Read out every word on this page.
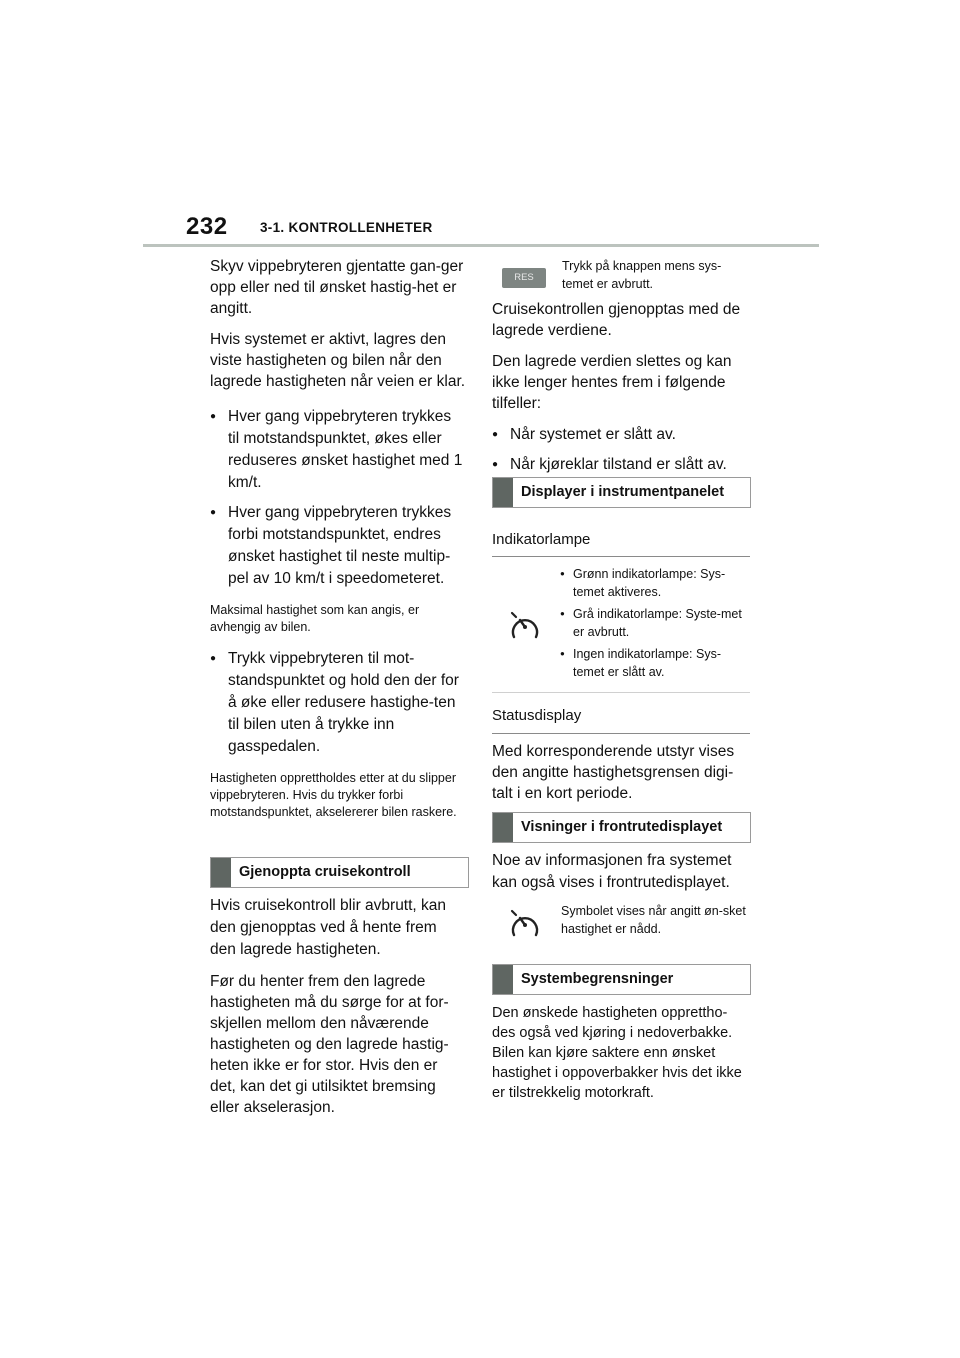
232 3-1. KONTROLLENHETER

Skyv vippebryteren gjentatte gan-ger opp eller ned til ønsket hastig-het er angitt.

Hvis systemet er aktivt, lagres den viste hastigheten og bilen når den lagrede hastigheten når veien er klar.

● Hver gang vippebryteren trykkes til motstandspunktet, økes eller reduseres ønsket hastighet med 1 km/t.
● Hver gang vippebryteren trykkes forbi motstandspunktet, endres ønsket hastighet til neste multip-pel av 10 km/t i speedometeret.

Maksimal hastighet som kan angis, er avhengig av bilen.

● Trykk vippebryteren til mot-standspunktet og hold den der for å øke eller redusere hastighe-ten til bilen uten å trykke inn gasspedalen.

Hastigheten opprettholdes etter at du slipper vippebryteren. Hvis du trykker forbi motstandspunktet, akselererer bilen raskere.

Gjenoppta cruisekontroll

Hvis cruisekontroll blir avbrutt, kan den gjenopptas ved å hente frem den lagrede hastigheten.

Før du henter frem den lagrede hastigheten må du sørge for at for-skjellen mellom den nåværende hastigheten og den lagrede hastig-heten ikke er for stor. Hvis den er det, kan det gi utilsiktet bremsing eller akselerasjon.

RES
Trykk på knappen mens sys-temet er avbrutt.

Cruisekontrollen gjenopptas med de lagrede verdiene.

Den lagrede verdien slettes og kan ikke lenger hentes frem i følgende tilfeller:

● Når systemet er slått av.
● Når kjøreklar tilstand er slått av.
Displayer i instrumentpanelet
Indikatorlampe
● Grønn indikatorlampe: Sys-temet aktiveres.
● Grå indikatorlampe: Syste-met er avbrutt.
● Ingen indikatorlampe: Sys-temet er slått av.
Statusdisplay

Med korresponderende utstyr vises den angitte hastighetsgrensen digi-talt i en kort periode.

Visninger i frontrutedisplayet

Noe av informasjonen fra systemet kan også vises i frontrutedisplayet.

Symbolet vises når angitt øn-sket hastighet er nådd.
Systembegrensninger

Den ønskede hastigheten opprettho-des også ved kjøring i nedoverbakke. Bilen kan kjøre saktere enn ønsket hastighet i oppoverbakker hvis det ikke er tilstrekkelig motorkraft.
